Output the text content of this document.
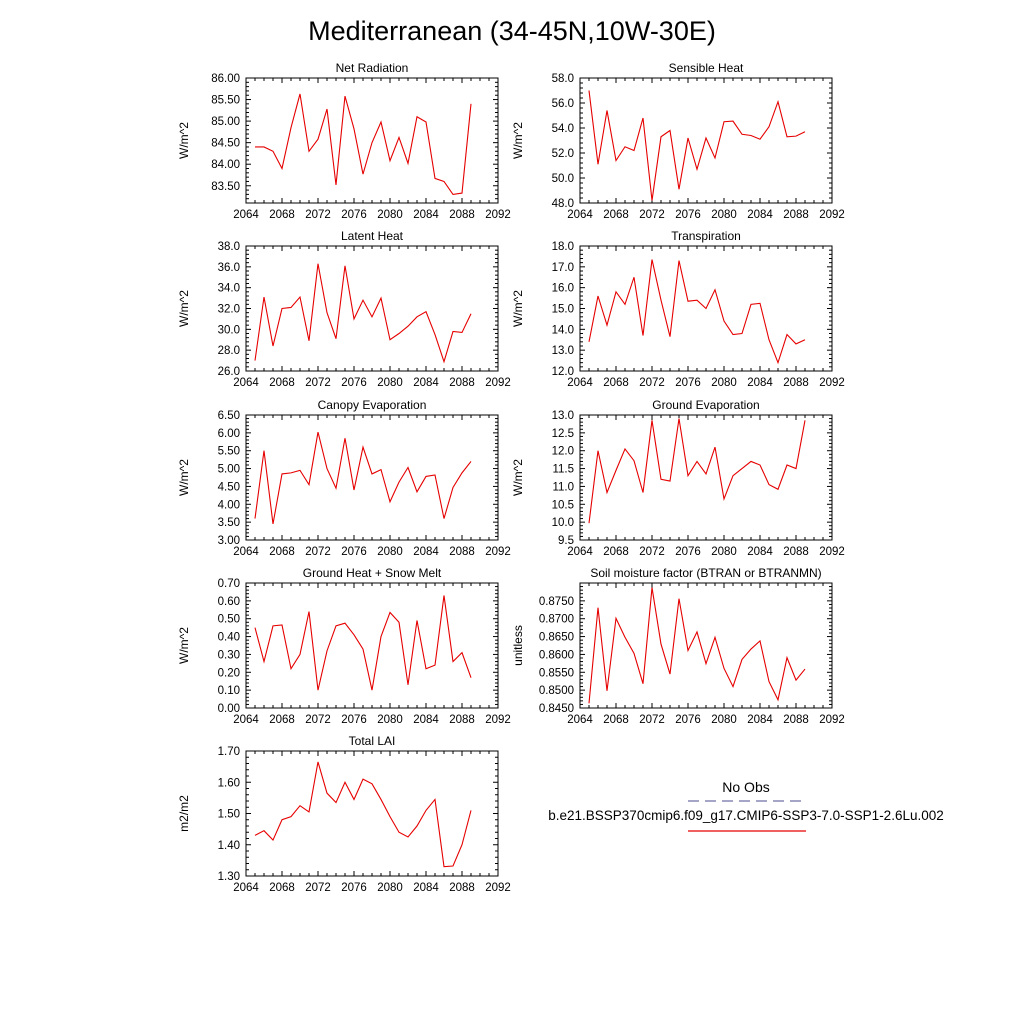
Mediterranean (34-45N,10W-30E)
Net Radiation
W/m^2
2064 2068 2072 2076 2080 2084 2088 2092
83.50
84.00
84.50
85.00
85.50
86.00
Sensible Heat
W/m^2
2064 2068 2072 2076 2080 2084 2088 2092
48.0
50.0
52.0
54.0
56.0
58.0
Latent Heat
W/m^2
2064 2068 2072 2076 2080 2084 2088 2092
26.0
28.0
30.0
32.0
34.0
36.0
38.0
Transpiration
W/m^2
2064 2068 2072 2076 2080 2084 2088 2092
12.0
13.0
14.0
15.0
16.0
17.0
18.0
Canopy Evaporation
W/m^2
2064 2068 2072 2076 2080 2084 2088 2092
3.00
3.50
4.00
4.50
5.00
5.50
6.00
6.50
Ground Evaporation
W/m^2
2064 2068 2072 2076 2080 2084 2088 2092
9.5
10.0
10.5
11.0
11.5
12.0
12.5
13.0
Ground Heat + Snow Melt
W/m^2
2064 2068 2072 2076 2080 2084 2088 2092
0.00
0.10
0.20
0.30
0.40
0.50
0.60
0.70
Soil moisture factor (BTRAN or BTRANMN)
unitless
2064 2068 2072 2076 2080 2084 2088 2092
0.8450
0.8500
0.8550
0.8600
0.8650
0.8700
0.8750
Total LAI
m2/m2
2064 2068 2072 2076 2080 2084 2088 2092
1.30
1.40
1.50
1.60
1.70
No Obs
b.e21.BSSP370cmip6.f09_g17.CMIP6-SSP3-7.0-SSP1-2.6Lu.002
